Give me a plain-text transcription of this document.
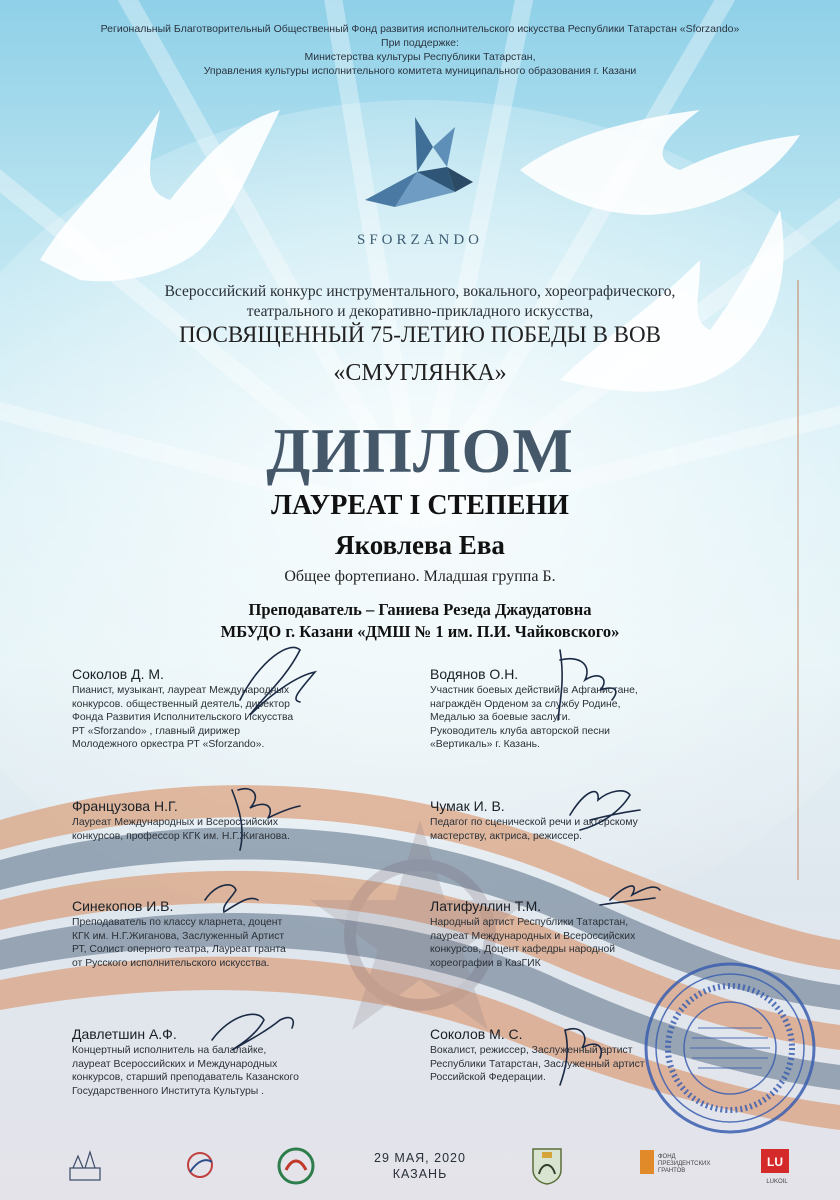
Региональный Благотворительный Общественный Фонд развития исполнительского искусства Республики Татарстан «Sforzando»
При поддержке:
Министерства культуры Республики Татарстан,
Управления культуры исполнительного комитета муниципального образования г. Казани
SFORZANDO
Всероссийский конкурс инструментального, вокального, хореографического,
театрального и декоративно-прикладного искусства,
ПОСВЯЩЕННЫЙ 75-ЛЕТИЮ ПОБЕДЫ В ВОВ
«СМУГЛЯНКА»
ДИПЛОМ
ЛАУРЕАТ I СТЕПЕНИ
Яковлева Ева
Общее фортепиано. Младшая группа Б.
Преподаватель – Ганиева Резеда Джаудатовна
МБУДО г. Казани «ДМШ № 1 им. П.И. Чайковского»
Соколов Д. М.
Пианист, музыкант, лауреат Международных
конкурсов. общественный деятель, директор
Фонда Развития Исполнительского Искусства
РТ «Sforzando» , главный дирижер
Молодежного оркестра РТ «Sforzando».
Водянов О.Н.
Участник боевых действий в Афганистане,
награждён Орденом за службу Родине,
Медалью за боевые заслуги.
Руководитель клуба авторской песни
«Вертикаль» г. Казань.
Французова Н.Г.
Лауреат Международных и Всероссийских
конкурсов, профессор КГК им. Н.Г.Жиганова.
Чумак И. В.
Педагог по сценической речи и актерскому
мастерству, актриса, режиссер.
Синекопов И.В.
Преподаватель по классу кларнета, доцент
КГК им. Н.Г.Жиганова, Заслуженный Артист
РТ, Солист оперного театра, Лауреат гранта
от Русского исполнительского искусства.
Латифуллин Т.М.
Народный артист Республики Татарстан,
лауреат Международных и Всероссийских
конкурсов, Доцент кафедры народной
хореографии в КазГИК
Давлетшин А.Ф.
Концертный исполнитель на балалайке,
лауреат Всероссийских и Международных
конкурсов, старший преподаватель Казанского
Государственного Института Культуры .
Соколов М. С.
Вокалист, режиссер, Заслуженный артист
Республики Татарстан, Заслуженный артист
Российской Федерации.
29 МАЯ, 2020
КАЗАНЬ
ФОНД ПРЕЗИДЕНТСКИХ ГРАНТОВ
LU
LUKOIL
